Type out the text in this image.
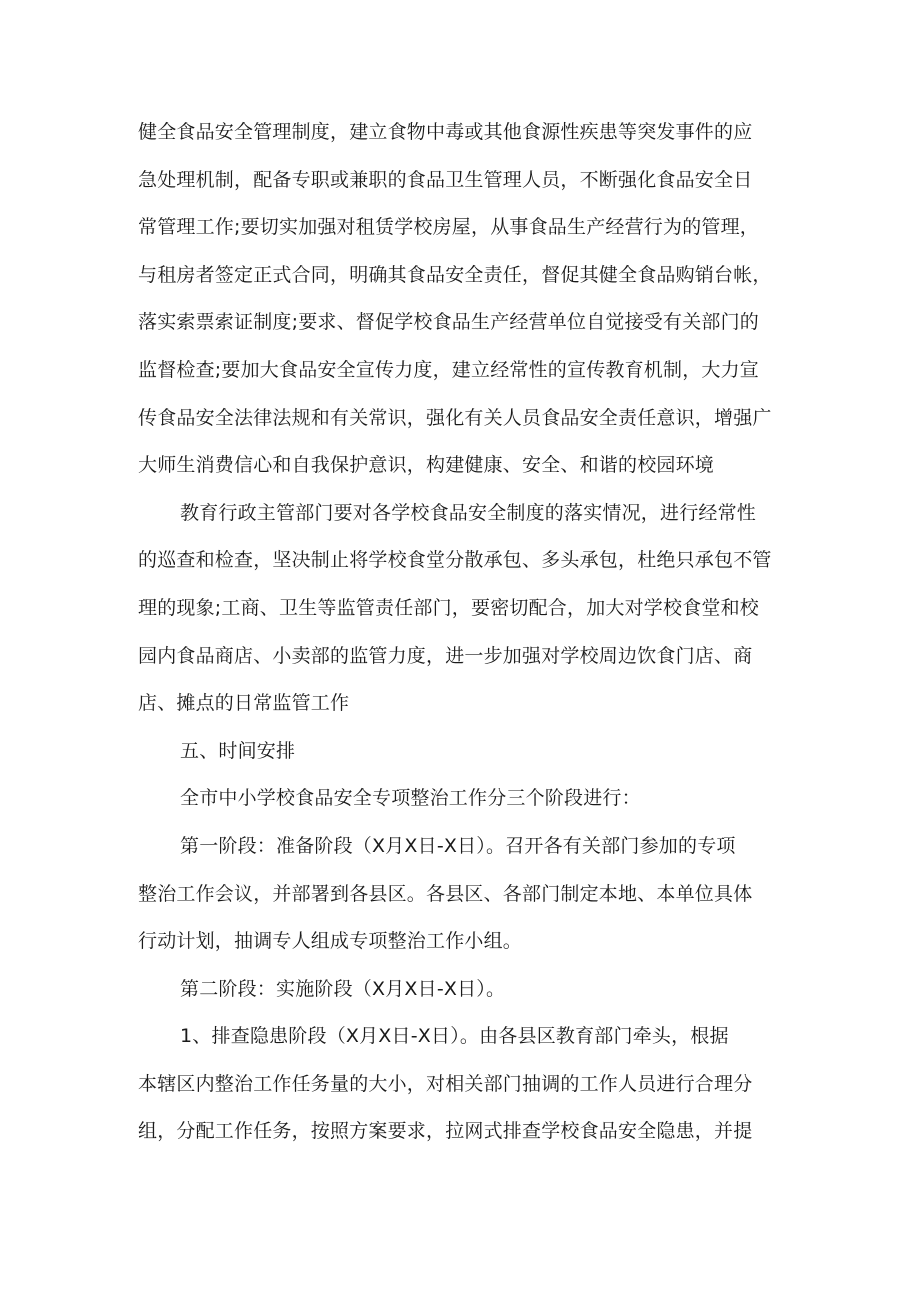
健全食品安全管理制度，建立食物中毒或其他食源性疾患等突发事件的应
急处理机制，配备专职或兼职的食品卫生管理人员，不断强化食品安全日
常管理工作;要切实加强对租赁学校房屋，从事食品生产经营行为的管理，
与租房者签定正式合同，明确其食品安全责任，督促其健全食品购销台帐，
落实索票索证制度;要求、督促学校食品生产经营单位自觉接受有关部门的
监督检查;要加大食品安全宣传力度，建立经常性的宣传教育机制，大力宣
传食品安全法律法规和有关常识，强化有关人员食品安全责任意识，增强广
大师生消费信心和自我保护意识，构建健康、安全、和谐的校园环境
教育行政主管部门要对各学校食品安全制度的落实情况，进行经常性
的巡查和检查，坚决制止将学校食堂分散承包、多头承包，杜绝只承包不管
理的现象;工商、卫生等监管责任部门，要密切配合，加大对学校食堂和校
园内食品商店、小卖部的监管力度，进一步加强对学校周边饮食门店、商
店、摊点的日常监管工作
五、时间安排
全市中小学校食品安全专项整治工作分三个阶段进行：
第一阶段：准备阶段（X月X日-X日）。召开各有关部门参加的专项
整治工作会议，并部署到各县区。各县区、各部门制定本地、本单位具体
行动计划，抽调专人组成专项整治工作小组。
第二阶段：实施阶段（X月X日-X日）。
1、排查隐患阶段（X月X日-X日）。由各县区教育部门牵头，根据
本辖区内整治工作任务量的大小，对相关部门抽调的工作人员进行合理分
组，分配工作任务，按照方案要求，拉网式排查学校食品安全隐患，并提
